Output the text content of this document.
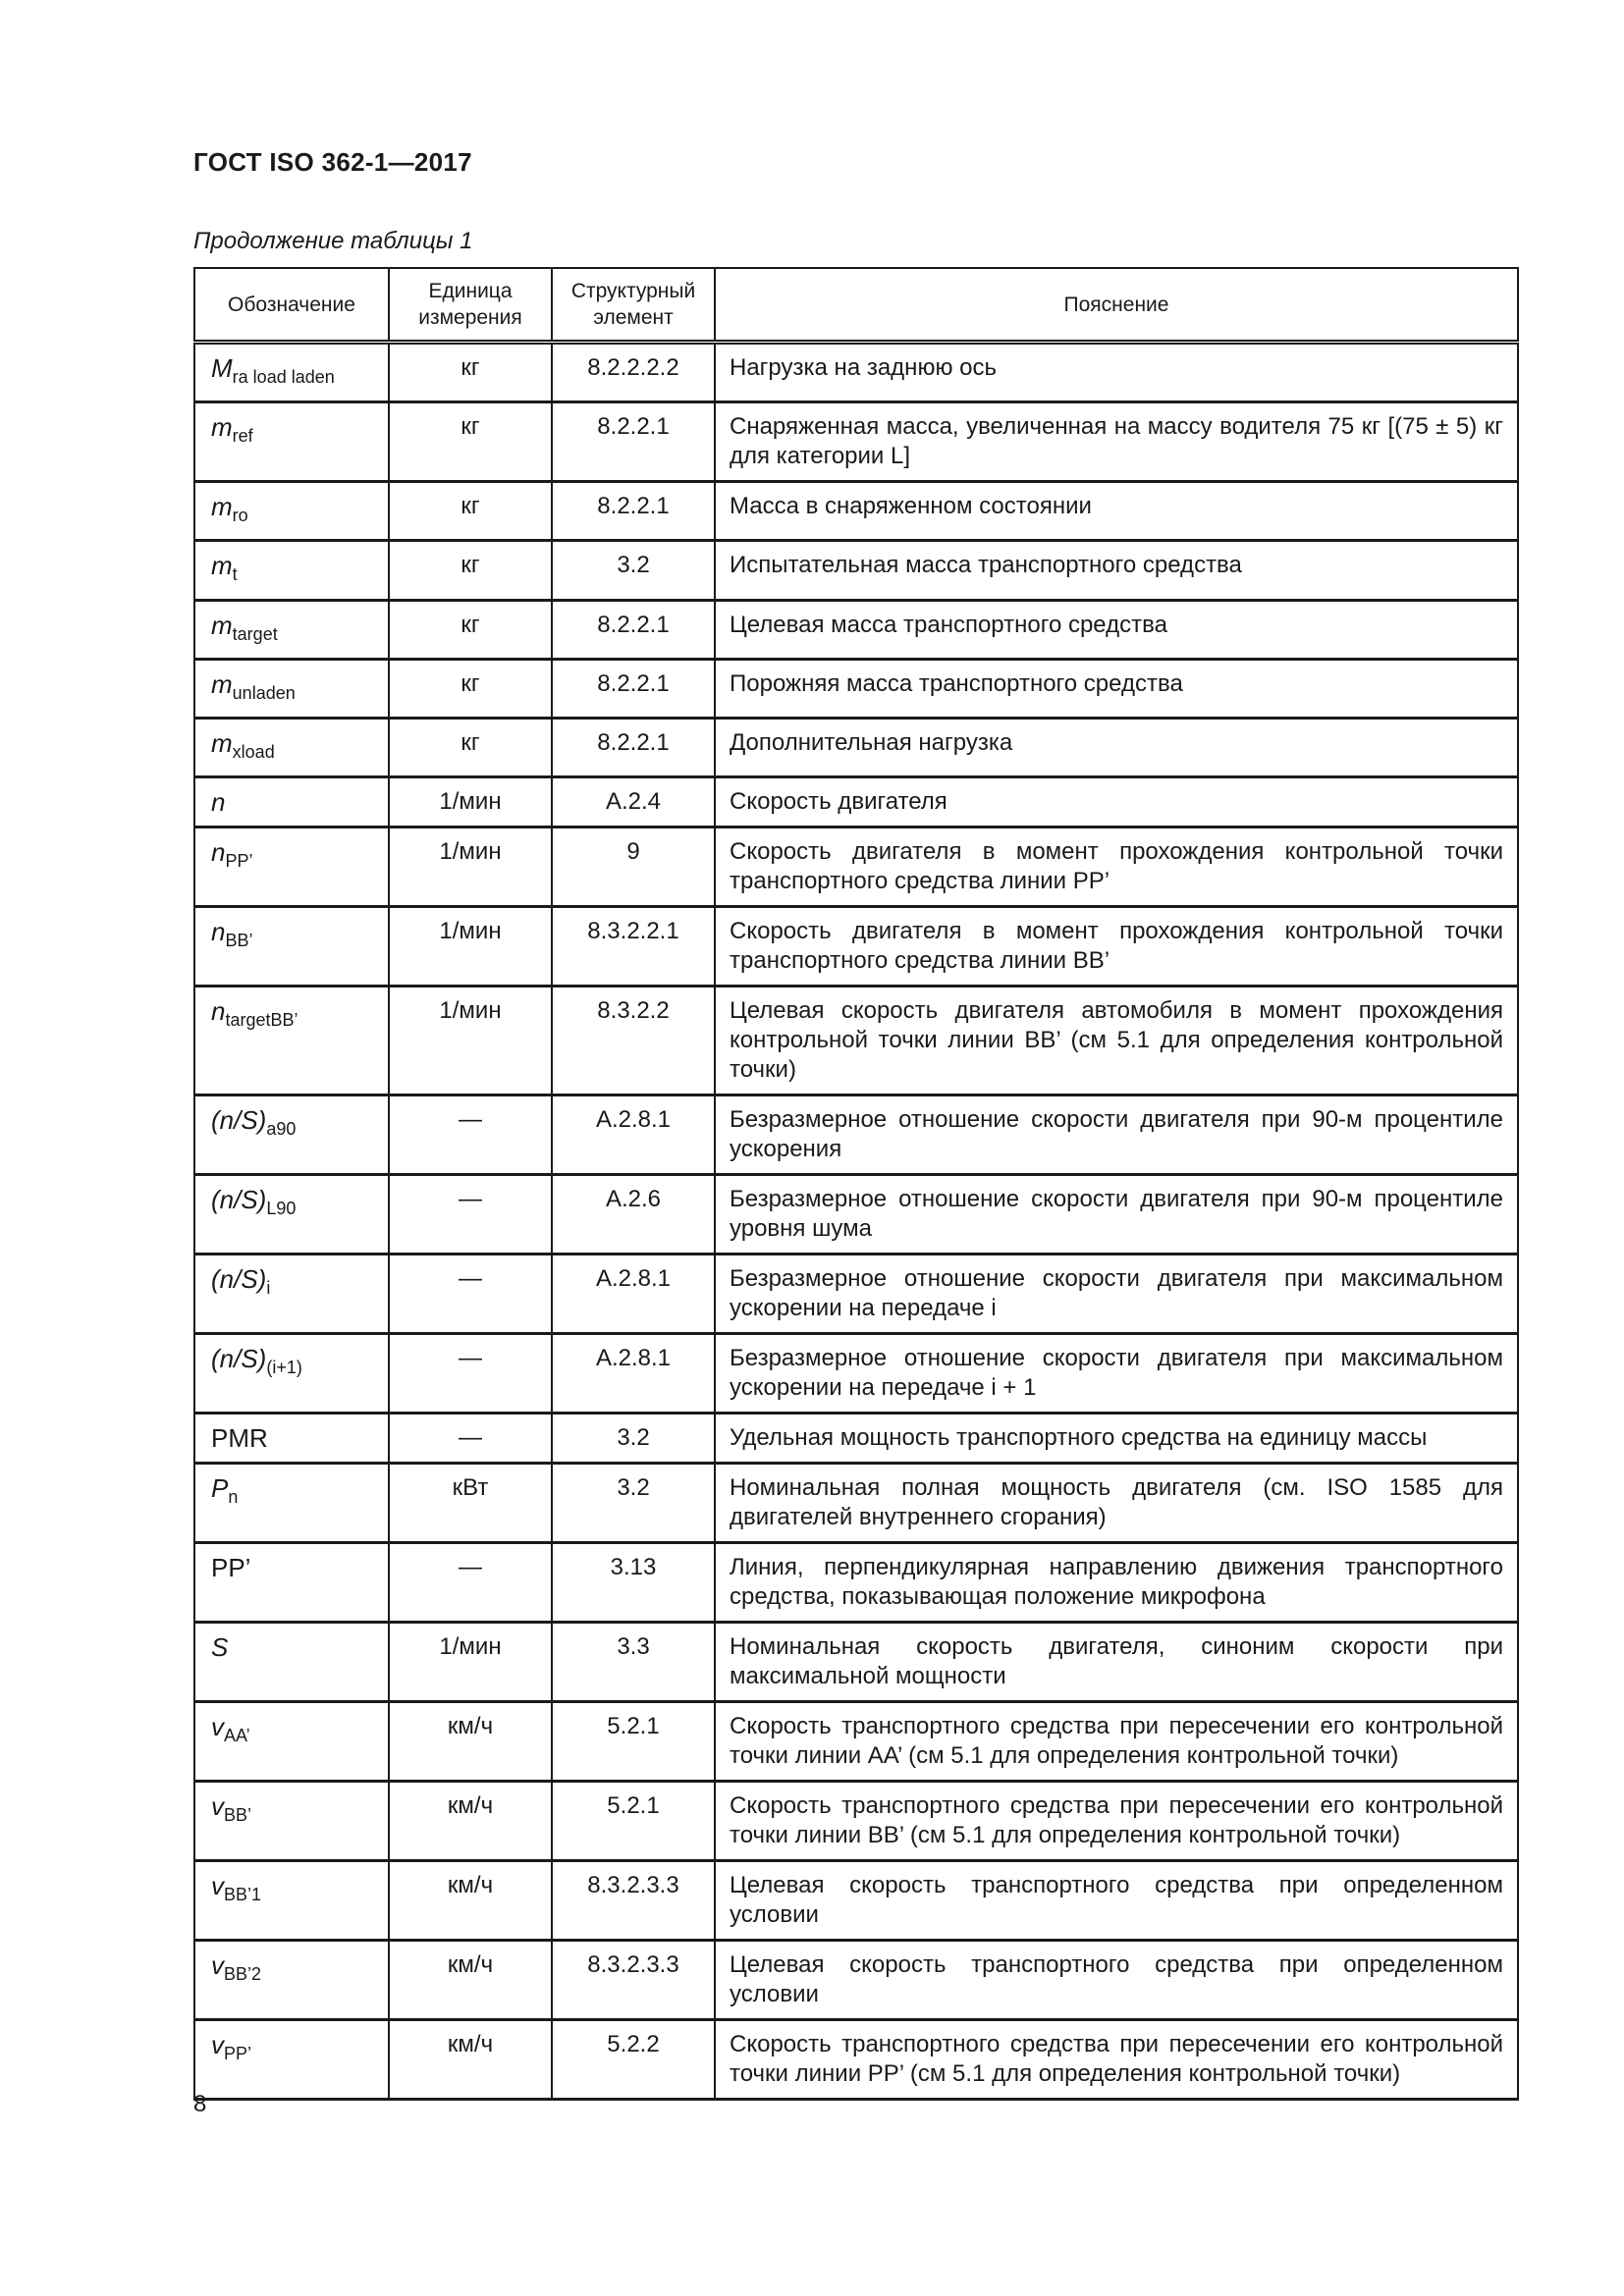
ГОСТ ISO 362-1—2017
Продолжение таблицы 1
Обозначение	Единица измерения	Структурный элемент	Пояснение
$M_{ra load laden}$	кг	8.2.2.2.2	Нагрузка на заднюю ось
$m_{ref}$	кг	8.2.2.1	Снаряженная масса, увеличенная на массу водителя 75 кг [(75 ± 5) кг для категории L]
$m_{ro}$	кг	8.2.2.1	Масса в снаряженном состоянии
$m_t$	кг	3.2	Испытательная масса транспортного средства
$m_{target}$	кг	8.2.2.1	Целевая масса транспортного средства
$m_{unladen}$	кг	8.2.2.1	Порожняя масса транспортного средства
$m_{xload}$	кг	8.2.2.1	Дополнительная нагрузка
n	1/мин	A.2.4	Скорость двигателя
$n_{PP’}$	1/мин	9	Скорость двигателя в момент прохождения контрольной точки транспортного средства линии PP’
$n_{BB’}$	1/мин	8.3.2.2.1	Скорость двигателя в момент прохождения контрольной точки транспортного средства линии BB’
$n_{targetBB’}$	1/мин	8.3.2.2	Целевая скорость двигателя автомобиля в момент прохождения контрольной точки линии BB’ (см 5.1 для определения контрольной точки)
$(n/S)_{a90}$	—	A.2.8.1	Безразмерное отношение скорости двигателя при 90-м процентиле ускорения
$(n/S)_{L90}$	—	A.2.6	Безразмерное отношение скорости двигателя при 90-м процентиле уровня шума
$(n/S)_i$	—	A.2.8.1	Безразмерное отношение скорости двигателя при максимальном ускорении на передаче i
$(n/S)_{(i+1)}$	—	A.2.8.1	Безразмерное отношение скорости двигателя при максимальном ускорении на передаче i + 1
PMR	—	3.2	Удельная мощность транспортного средства на единицу массы
$P_n$	кВт	3.2	Номинальная полная мощность двигателя (см. ISO 1585 для двигателей внутреннего сгорания)
PP’	—	3.13	Линия, перпендикулярная направлению движения транспортного средства, показывающая положение микрофона
S	1/мин	3.3	Номинальная скорость двигателя, синоним скорости при максимальной мощности
$v_{AA’}$	км/ч	5.2.1	Скорость транспортного средства при пересечении его контрольной точки линии AA’ (см 5.1 для определения контрольной точки)
$v_{BB’}$	км/ч	5.2.1	Скорость транспортного средства при пересечении его контрольной точки линии BB’ (см 5.1 для определения контрольной точки)
$v_{BB’1}$	км/ч	8.3.2.3.3	Целевая скорость транспортного средства при определенном условии
$v_{BB’2}$	км/ч	8.3.2.3.3	Целевая скорость транспортного средства при определенном условии
$v_{PP’}$	км/ч	5.2.2	Скорость транспортного средства при пересечении его контрольной точки линии PP’ (см 5.1 для определения контрольной точки)
8
